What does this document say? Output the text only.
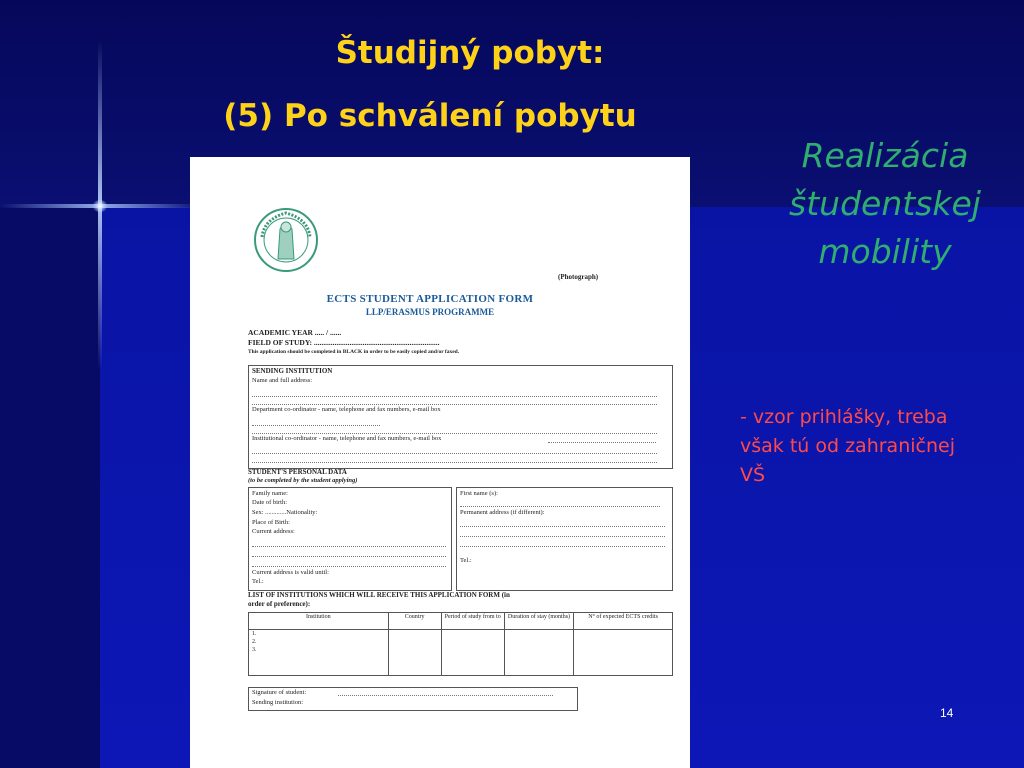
Študijný pobyt:
(5) Po schválení pobytu
Realizácia
študentskej
mobility
- vzor prihlášky, treba však tú od zahraničnej VŠ
14
(Photograph)
ECTS STUDENT APPLICATION FORM
LLP/ERASMUS PROGRAMME
ACADEMIC YEAR ..... / ......
FIELD OF STUDY: ...................................................................
This application should be completed in BLACK in order to be easily copied and/or faxed.
SENDING INSTITUTION
Name and full address:
Department co-ordinator - name, telephone and fax numbers, e-mail box
Institutional co-ordinator - name, telephone and fax numbers, e-mail box
STUDENT'S PERSONAL DATA
(to be completed by the student applying)
Family name:
Date of birth:
Sex: .............Nationality:
Place of Birth:
Current address:
Current address is valid until:
Tel.:
First name (s):
Permanent address (if different):
Tel.:
LIST OF INSTITUTIONS WHICH WILL RECEIVE THIS APPLICATION FORM (in
order of preference):
Institution	Country	Period of study from to	Duration of stay (months)	N° of expected ECTS credits

1.
2.
3.				

Signature of student:
Sending institution:
